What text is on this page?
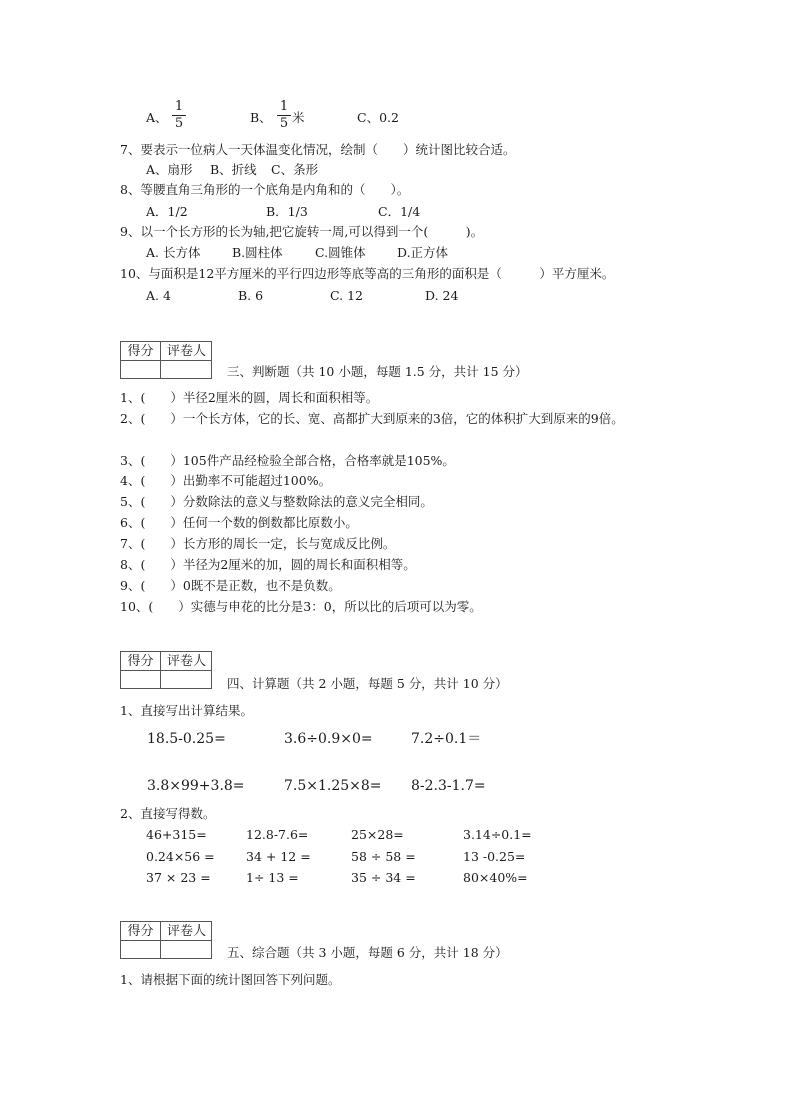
A、
1
5	B、
1
5 米	C、0.2
7、要表示一位病人一天体温变化情况，绘制（　　）统计图比较合适。
A、扇形 B、折线 C、条形
8、等腰直角三角形的一个底角是内角和的（　　）。
A．1/2	B．1/3	C．1/4
9、以一个长方形的长为轴,把它旋转一周,可以得到一个(　　　)。
A. 长方体	B.圆柱体	C.圆锥体	D.正方体
10、与面积是12平方厘米的平行四边形等底等高的三角形的面积是（　　　）平方厘米。
A. 4	B. 6	C. 12	D. 24
得分	评卷人
三、判断题（共 10 小题，每题 1.5 分，共计 15 分）
1、(　　）半径2厘米的圆，周长和面积相等。
2、(　　）一个长方体，它的长、宽、高都扩大到原来的3倍，它的体积扩大到原来的9倍。
3、(　　）105件产品经检验全部合格，合格率就是105%。
4、(　　）出勤率不可能超过100%。
5、(　　）分数除法的意义与整数除法的意义完全相同。
6、(　　）任何一个数的倒数都比原数小。
7、(　　）长方形的周长一定，长与宽成反比例。
8、(　　）半径为2厘米的加，圆的周长和面积相等。
9、(　　）0既不是正数，也不是负数。
10、(　　）实德与申花的比分是3：0，所以比的后项可以为零。
得分	评卷人
四、计算题（共 2 小题，每题 5 分，共计 10 分）
1、直接写出计算结果。
18.5-0.25=	3.6÷0.9×0=	7.2÷0.1＝
3.8×99+3.8=	7.5×1.25×8= 8-2.3-1.7=
2、直接写得数。
46+315=	12.8-7.6=	25×28=	3.14÷0.1=
0.24×56 =	34 + 12 =	58 ÷ 58 =	13 -0.25=
37 × 23 =	1÷ 13 =	35 ÷ 34 =	80×40%=
得分	评卷人
五、综合题（共 3 小题，每题 6 分，共计 18 分）
1、请根据下面的统计图回答下列问题。
